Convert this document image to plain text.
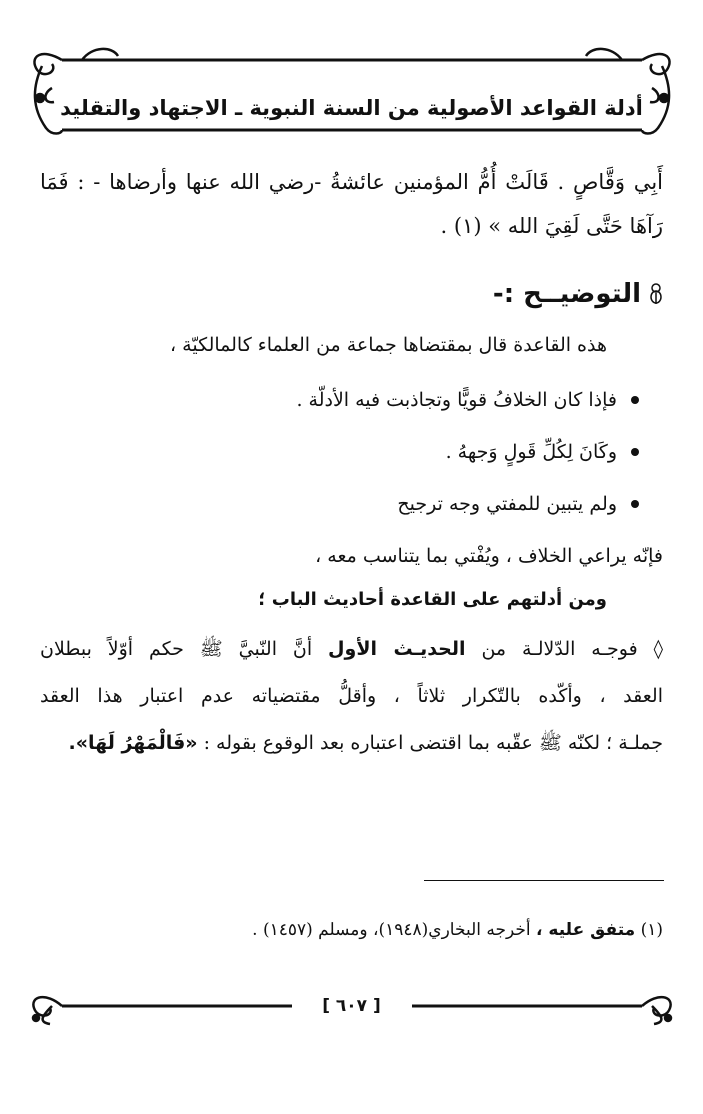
أدلة القواعد الأصولية من السنة النبوية ـ الاجتهاد والتقليد

أَبِي وَقَّاصٍ . قَالَتْ أُمُّ المؤمنين عائشةُ -رضي الله عنها وأرضاها - : فَمَا

رَآهَا حَتَّى لَقِيَ الله » (١) .

التوضيــح :-

هذه القاعدة قال بمقتضاها جماعة من العلماء كالمالكيّة ،

فإذا كان الخلافُ قويًّا وتجاذبت فيه الأدلّة .
وكَانَ لِكُلِّ قَولٍ وَجههُ .
ولم يتبين للمفتي وجه ترجيح

فإنّه يراعي الخلاف ، ويُفْتي بما يتناسب معه ،

ومن أدلتهم على القاعدة أحاديث الباب ؛

◊ فوجـه الدّلالـة من الحديـث الأول أنَّ النّبيَّ ﷺ حكم أوّلاً ببطلان

العقد ، وأكّده بالتّكرار ثلاثاً ، وأقلُّ مقتضياته عدم اعتبار هذا العقد

جملـة ؛ لكنّه ﷺ عقّبه بما اقتضى اعتباره بعد الوقوع بقوله : «فَالْمَهْرُ لَهَا».

(١) متفق عليه ، أخرجه البخاري(١٩٤٨)، ومسلم (١٤٥٧) .
[ ٦٠٧ ]
